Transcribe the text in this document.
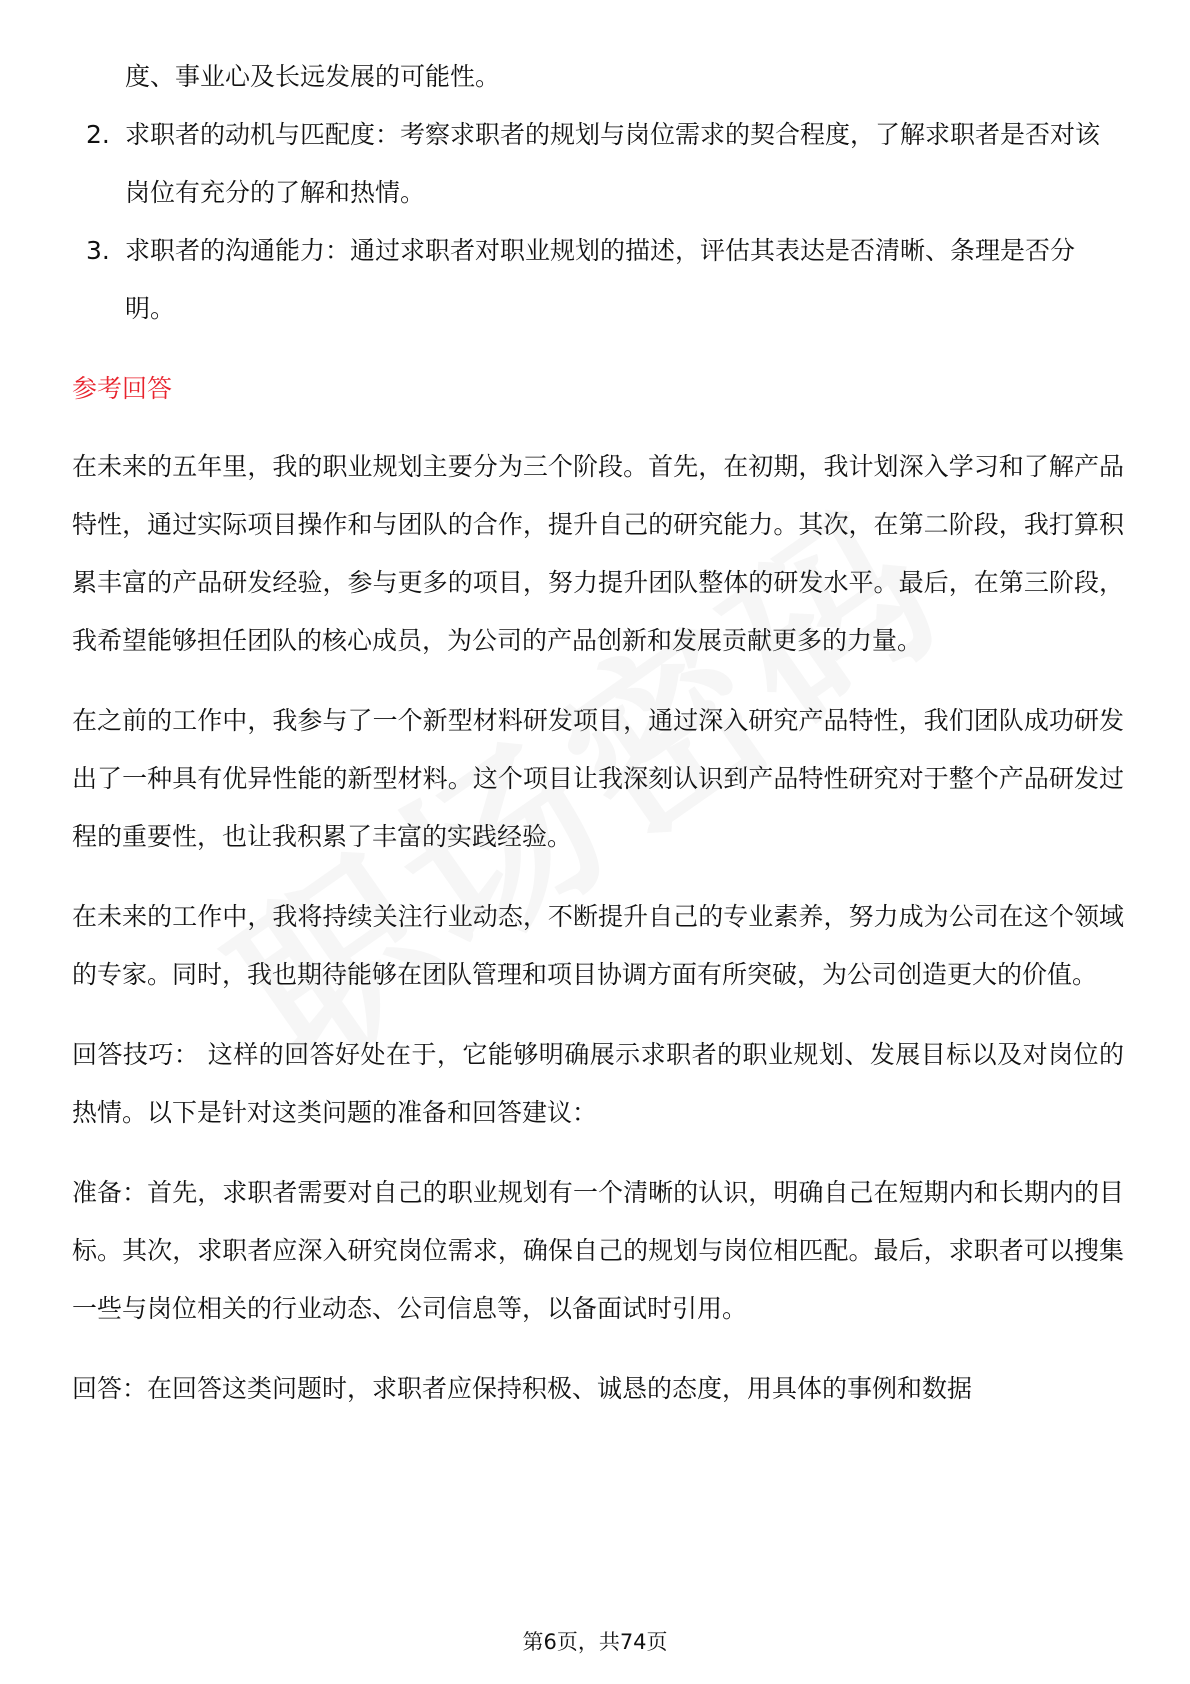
度、事业心及长远发展的可能性。
2. 求职者的动机与匹配度：考察求职者的规划与岗位需求的契合程度，了解求职者是否对该岗位有充分的了解和热情。
3. 求职者的沟通能力：通过求职者对职业规划的描述，评估其表达是否清晰、条理是否分明。
参考回答
在未来的五年里，我的职业规划主要分为三个阶段。首先，在初期，我计划深入学习和了解产品特性，通过实际项目操作和与团队的合作，提升自己的研究能力。其次，在第二阶段，我打算积累丰富的产品研发经验，参与更多的项目，努力提升团队整体的研发水平。最后，在第三阶段，我希望能够担任团队的核心成员，为公司的产品创新和发展贡献更多的力量。
在之前的工作中，我参与了一个新型材料研发项目，通过深入研究产品特性，我们团队成功研发出了一种具有优异性能的新型材料。这个项目让我深刻认识到产品特性研究对于整个产品研发过程的重要性，也让我积累了丰富的实践经验。
在未来的工作中，我将持续关注行业动态，不断提升自己的专业素养，努力成为公司在这个领域的专家。同时，我也期待能够在团队管理和项目协调方面有所突破，为公司创造更大的价值。
回答技巧： 这样的回答好处在于，它能够明确展示求职者的职业规划、发展目标以及对岗位的热情。以下是针对这类问题的准备和回答建议：
准备：首先，求职者需要对自己的职业规划有一个清晰的认识，明确自己在短期内和长期内的目标。其次，求职者应深入研究岗位需求，确保自己的规划与岗位相匹配。最后，求职者可以搜集一些与岗位相关的行业动态、公司信息等，以备面试时引用。
回答：在回答这类问题时，求职者应保持积极、诚恳的态度，用具体的事例和数据
第6页，共74页
